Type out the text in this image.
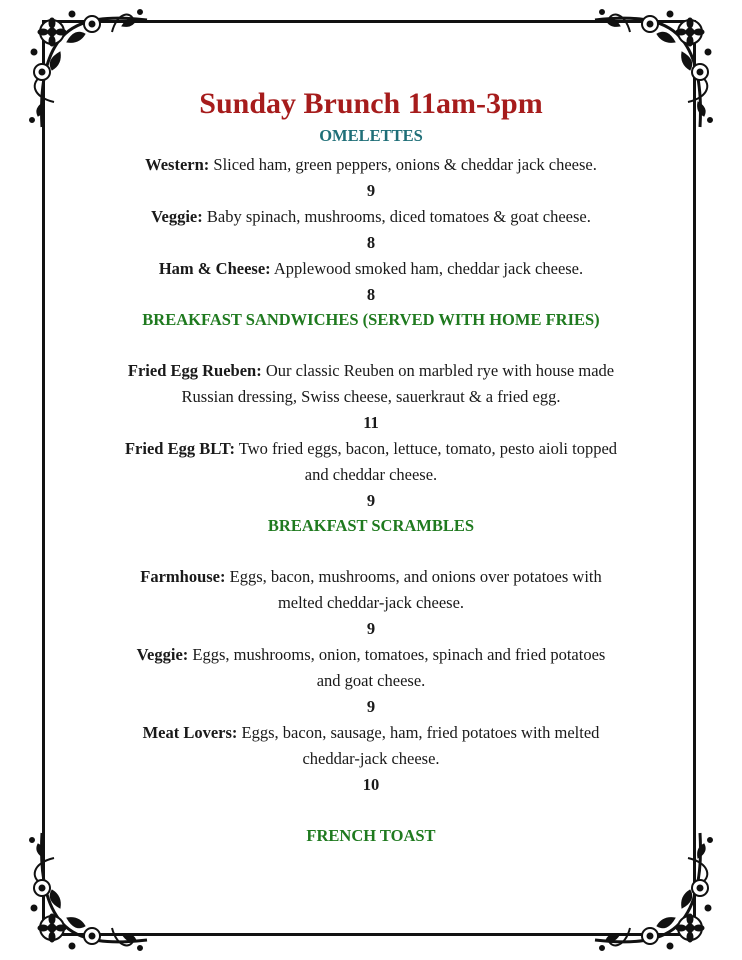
Sunday Brunch 11am-3pm

OMELETTES

Western: Sliced ham, green peppers, onions & cheddar jack cheese.

9

Veggie: Baby spinach, mushrooms, diced tomatoes & goat cheese.

8

Ham & Cheese: Applewood smoked ham, cheddar jack cheese.

8

BREAKFAST SANDWICHES (SERVED WITH HOME FRIES)

Fried Egg Rueben: Our classic Reuben on marbled rye with house made

Russian dressing, Swiss cheese, sauerkraut & a fried egg.

11

Fried Egg BLT: Two fried eggs, bacon, lettuce, tomato, pesto aioli topped

and cheddar cheese.

9

BREAKFAST SCRAMBLES

Farmhouse: Eggs, bacon, mushrooms, and onions over potatoes with

melted cheddar-jack cheese.

9

Veggie: Eggs, mushrooms, onion, tomatoes, spinach and fried potatoes

and goat cheese.

9

Meat Lovers: Eggs, bacon, sausage, ham, fried potatoes with melted

cheddar-jack cheese.

10

FRENCH TOAST
